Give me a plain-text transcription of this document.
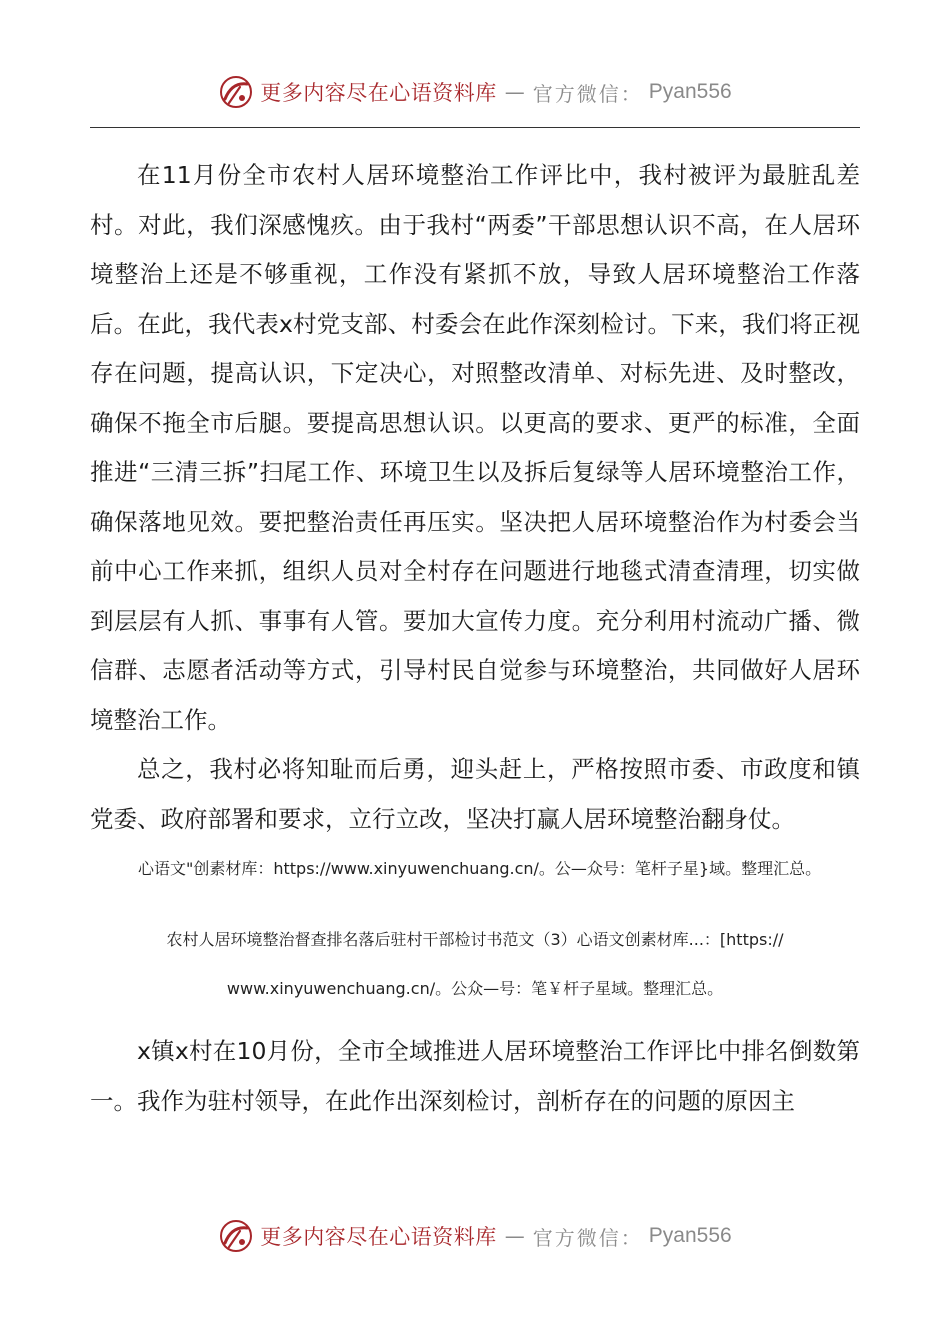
更多内容尽在心语资料库 — 官方微信： Pyan556

在11月份全市农村人居环境整治工作评比中，我村被评为最脏乱差村。对此，我们深感愧疚。由于我村“两委”干部思想认识不高，在人居环境整治上还是不够重视，工作没有紧抓不放，导致人居环境整治工作落后。在此，我代表x村党支部、村委会在此作深刻检讨。下来，我们将正视存在问题，提高认识，下定决心，对照整改清单、对标先进、及时整改，确保不拖全市后腿。要提高思想认识。以更高的要求、更严的标准，全面推进“三清三拆”扫尾工作、环境卫生以及拆后复绿等人居环境整治工作，确保落地见效。要把整治责任再压实。坚决把人居环境整治作为村委会当前中心工作来抓，组织人员对全村存在问题进行地毯式清查清理，切实做到层层有人抓、事事有人管。要加大宣传力度。充分利用村流动广播、微信群、志愿者活动等方式，引导村民自觉参与环境整治，共同做好人居环境整治工作。

总之，我村必将知耻而后勇，迎头赶上，严格按照市委、市政度和镇党委、政府部署和要求，立行立改，坚决打赢人居环境整治翻身仗。

心语文"创素材库：https://www.xinyuwenchuang.cn/。公—众号：笔杆子星}域。整理汇总。

农村人居环境整治督查排名落后驻村干部检讨书范文（3）心语文创素材库...：[https://

www.xinyuwenchuang.cn/。公众—号：笔￥杆子星域。整理汇总。

x镇x村在10月份，全市全域推进人居环境整治工作评比中排名倒数第一。我作为驻村领导，在此作出深刻检讨，剖析存在的问题的原因主

更多内容尽在心语资料库 — 官方微信： Pyan556
